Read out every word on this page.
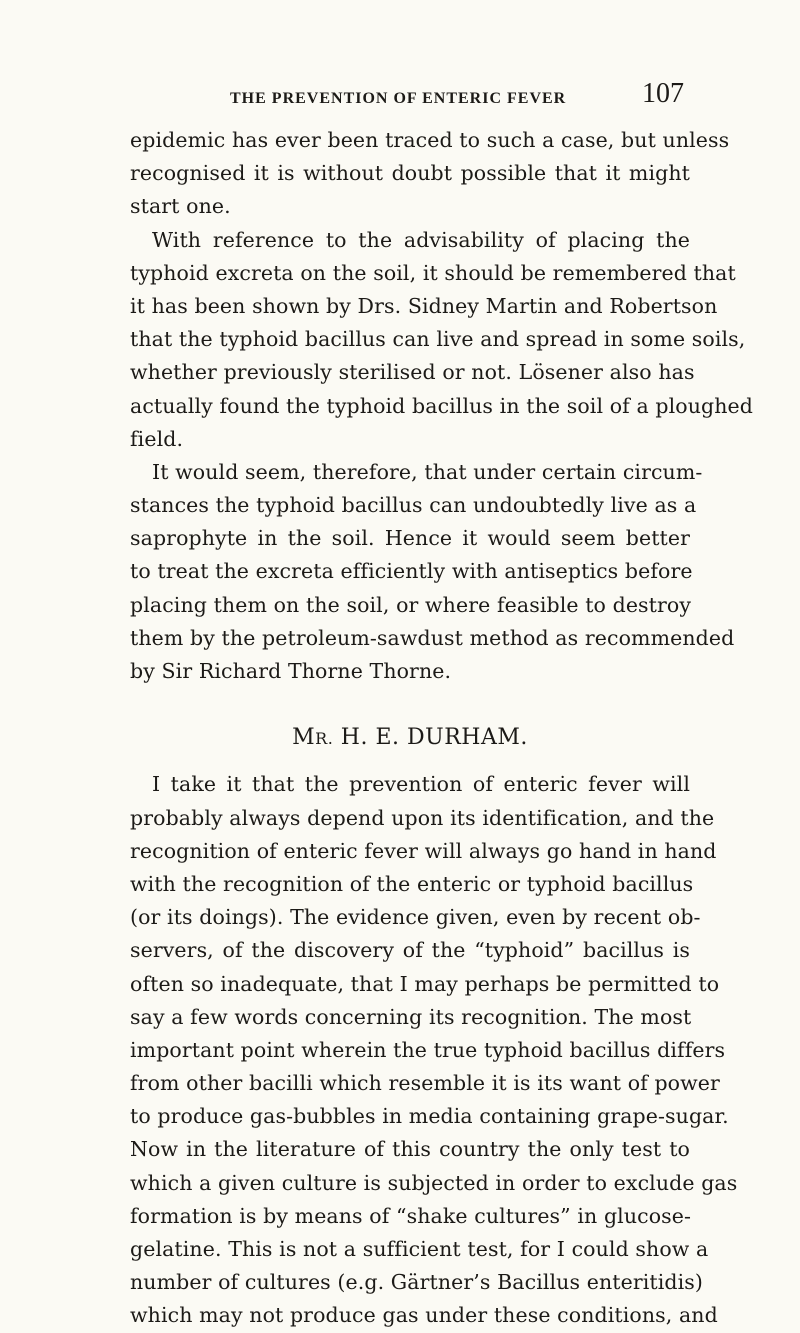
THE PREVENTION OF ENTERIC FEVER	107
epidemic has ever been traced to such a case, but unless
recognised it is without doubt possible that it might
start one.
With reference to the advisability of placing the
typhoid excreta on the soil, it should be remembered that
it has been shown by Drs. Sidney Martin and Robertson
that the typhoid bacillus can live and spread in some soils,
whether previously sterilised or not. Lösener also has
actually found the typhoid bacillus in the soil of a ploughed
field.
It would seem, therefore, that under certain circum-
stances the typhoid bacillus can undoubtedly live as a
saprophyte in the soil. Hence it would seem better
to treat the excreta efficiently with antiseptics before
placing them on the soil, or where feasible to destroy
them by the petroleum-sawdust method as recommended
by Sir Richard Thorne Thorne.
MR. H. E. DURHAM.
I take it that the prevention of enteric fever will
probably always depend upon its identification, and the
recognition of enteric fever will always go hand in hand
with the recognition of the enteric or typhoid bacillus
(or its doings). The evidence given, even by recent ob-
servers, of the discovery of the “typhoid” bacillus is
often so inadequate, that I may perhaps be permitted to
say a few words concerning its recognition. The most
important point wherein the true typhoid bacillus differs
from other bacilli which resemble it is its want of power
to produce gas-bubbles in media containing grape-sugar.
Now in the literature of this country the only test to
which a given culture is subjected in order to exclude gas
formation is by means of “shake cultures” in glucose-
gelatine. This is not a sufficient test, for I could show a
number of cultures (e.g. Gärtner’s Bacillus enteritidis)
which may not produce gas under these conditions, and
